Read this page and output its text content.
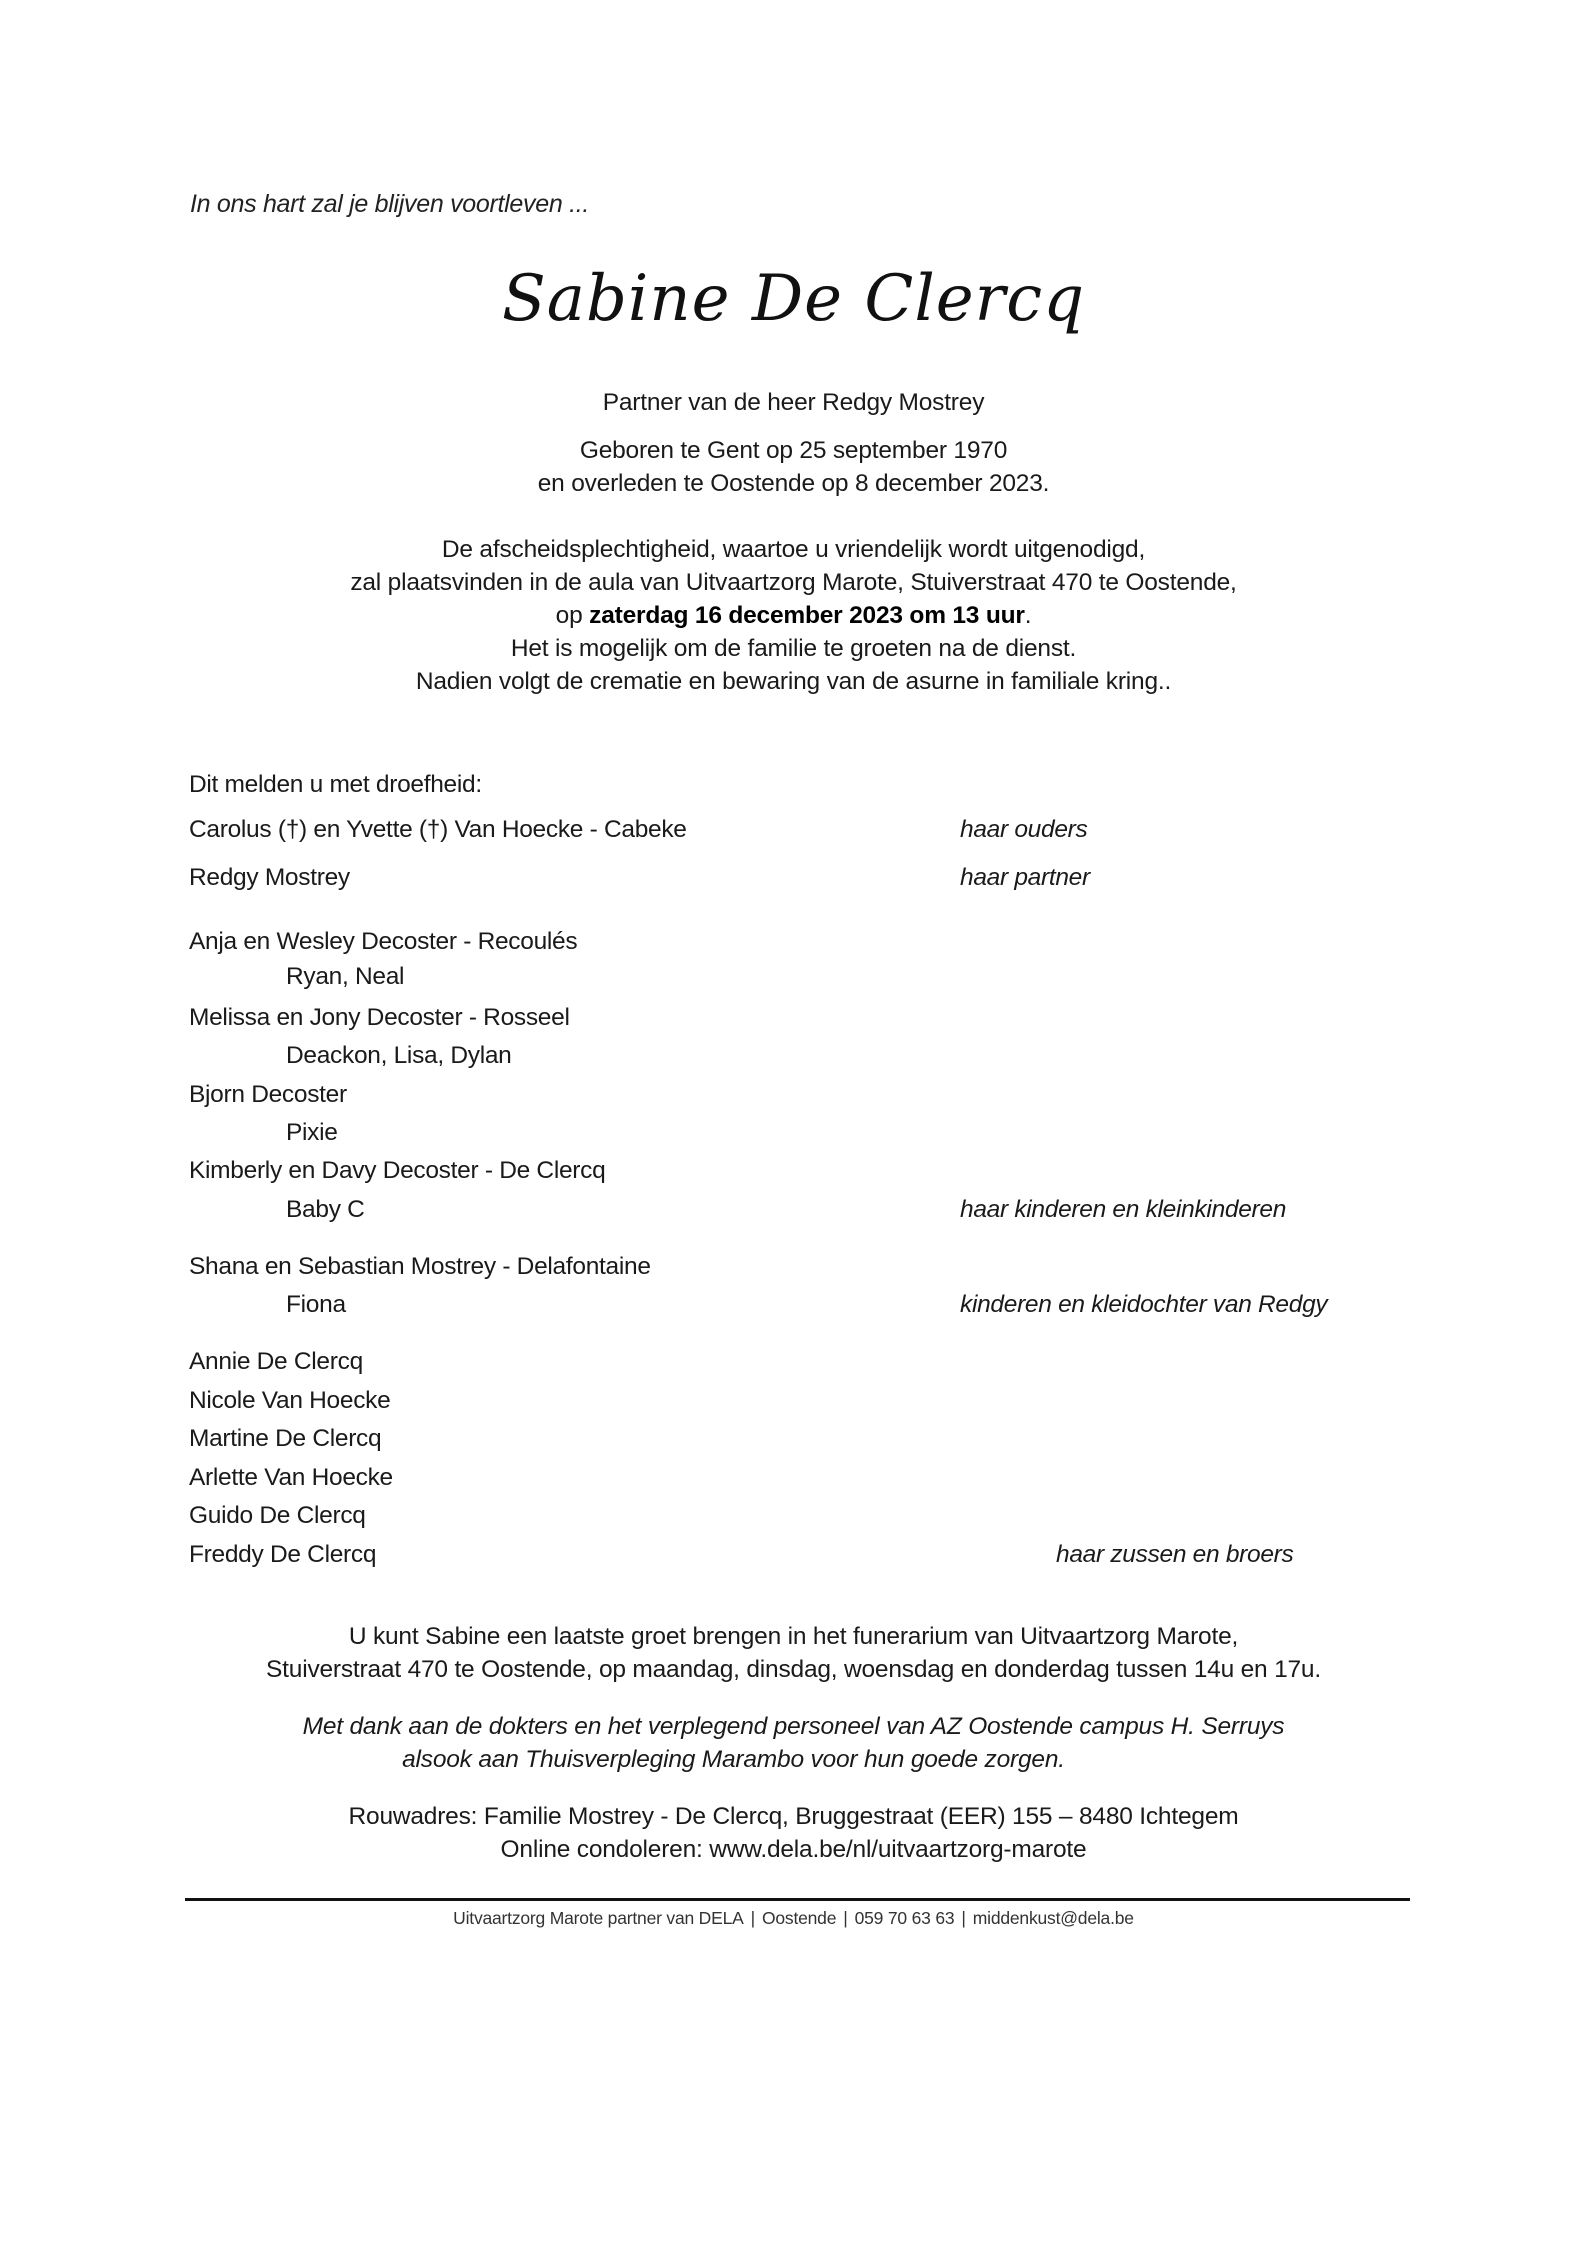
In ons hart zal je blijven voortleven ...
Sabine De Clercq
Partner van de heer Redgy Mostrey
Geboren te Gent op 25 september 1970
en overleden te Oostende op 8 december 2023.
De afscheidsplechtigheid, waartoe u vriendelijk wordt uitgenodigd,
zal plaatsvinden in de aula van Uitvaartzorg Marote, Stuiverstraat 470 te Oostende,
op zaterdag 16 december 2023 om 13 uur.
Het is mogelijk om de familie te groeten na de dienst.
Nadien volgt de crematie en bewaring van de asurne in familiale kring..
Dit melden u met droefheid:
Carolus (†) en Yvette (†) Van Hoecke - Cabeke	haar ouders
Redgy Mostrey	haar partner
Anja en Wesley Decoster - Recoulés
Ryan, Neal
Melissa en Jony Decoster - Rosseel
Deackon, Lisa, Dylan
Bjorn Decoster
Pixie
Kimberly en Davy Decoster - De Clercq
Baby C	haar kinderen en kleinkinderen
Shana en Sebastian Mostrey - Delafontaine
Fiona	kinderen en kleidochter van Redgy
Annie De Clercq
Nicole Van Hoecke
Martine De Clercq
Arlette Van Hoecke
Guido De Clercq
Freddy De Clercq	haar zussen en broers
U kunt Sabine een laatste groet brengen in het funerarium van Uitvaartzorg Marote,
Stuiverstraat 470 te Oostende, op maandag, dinsdag, woensdag en donderdag tussen 14u en 17u.
Met dank aan de dokters en het verplegend personeel van AZ Oostende campus H. Serruys
alsook aan Thuisverpleging Marambo voor hun goede zorgen.
Rouwadres: Familie Mostrey - De Clercq, Bruggestraat (EER) 155 – 8480 Ichtegem
Online condoleren: www.dela.be/nl/uitvaartzorg-marote
Uitvaartzorg Marote partner van DELA | Oostende | 059 70 63 63 | middenkust@dela.be
